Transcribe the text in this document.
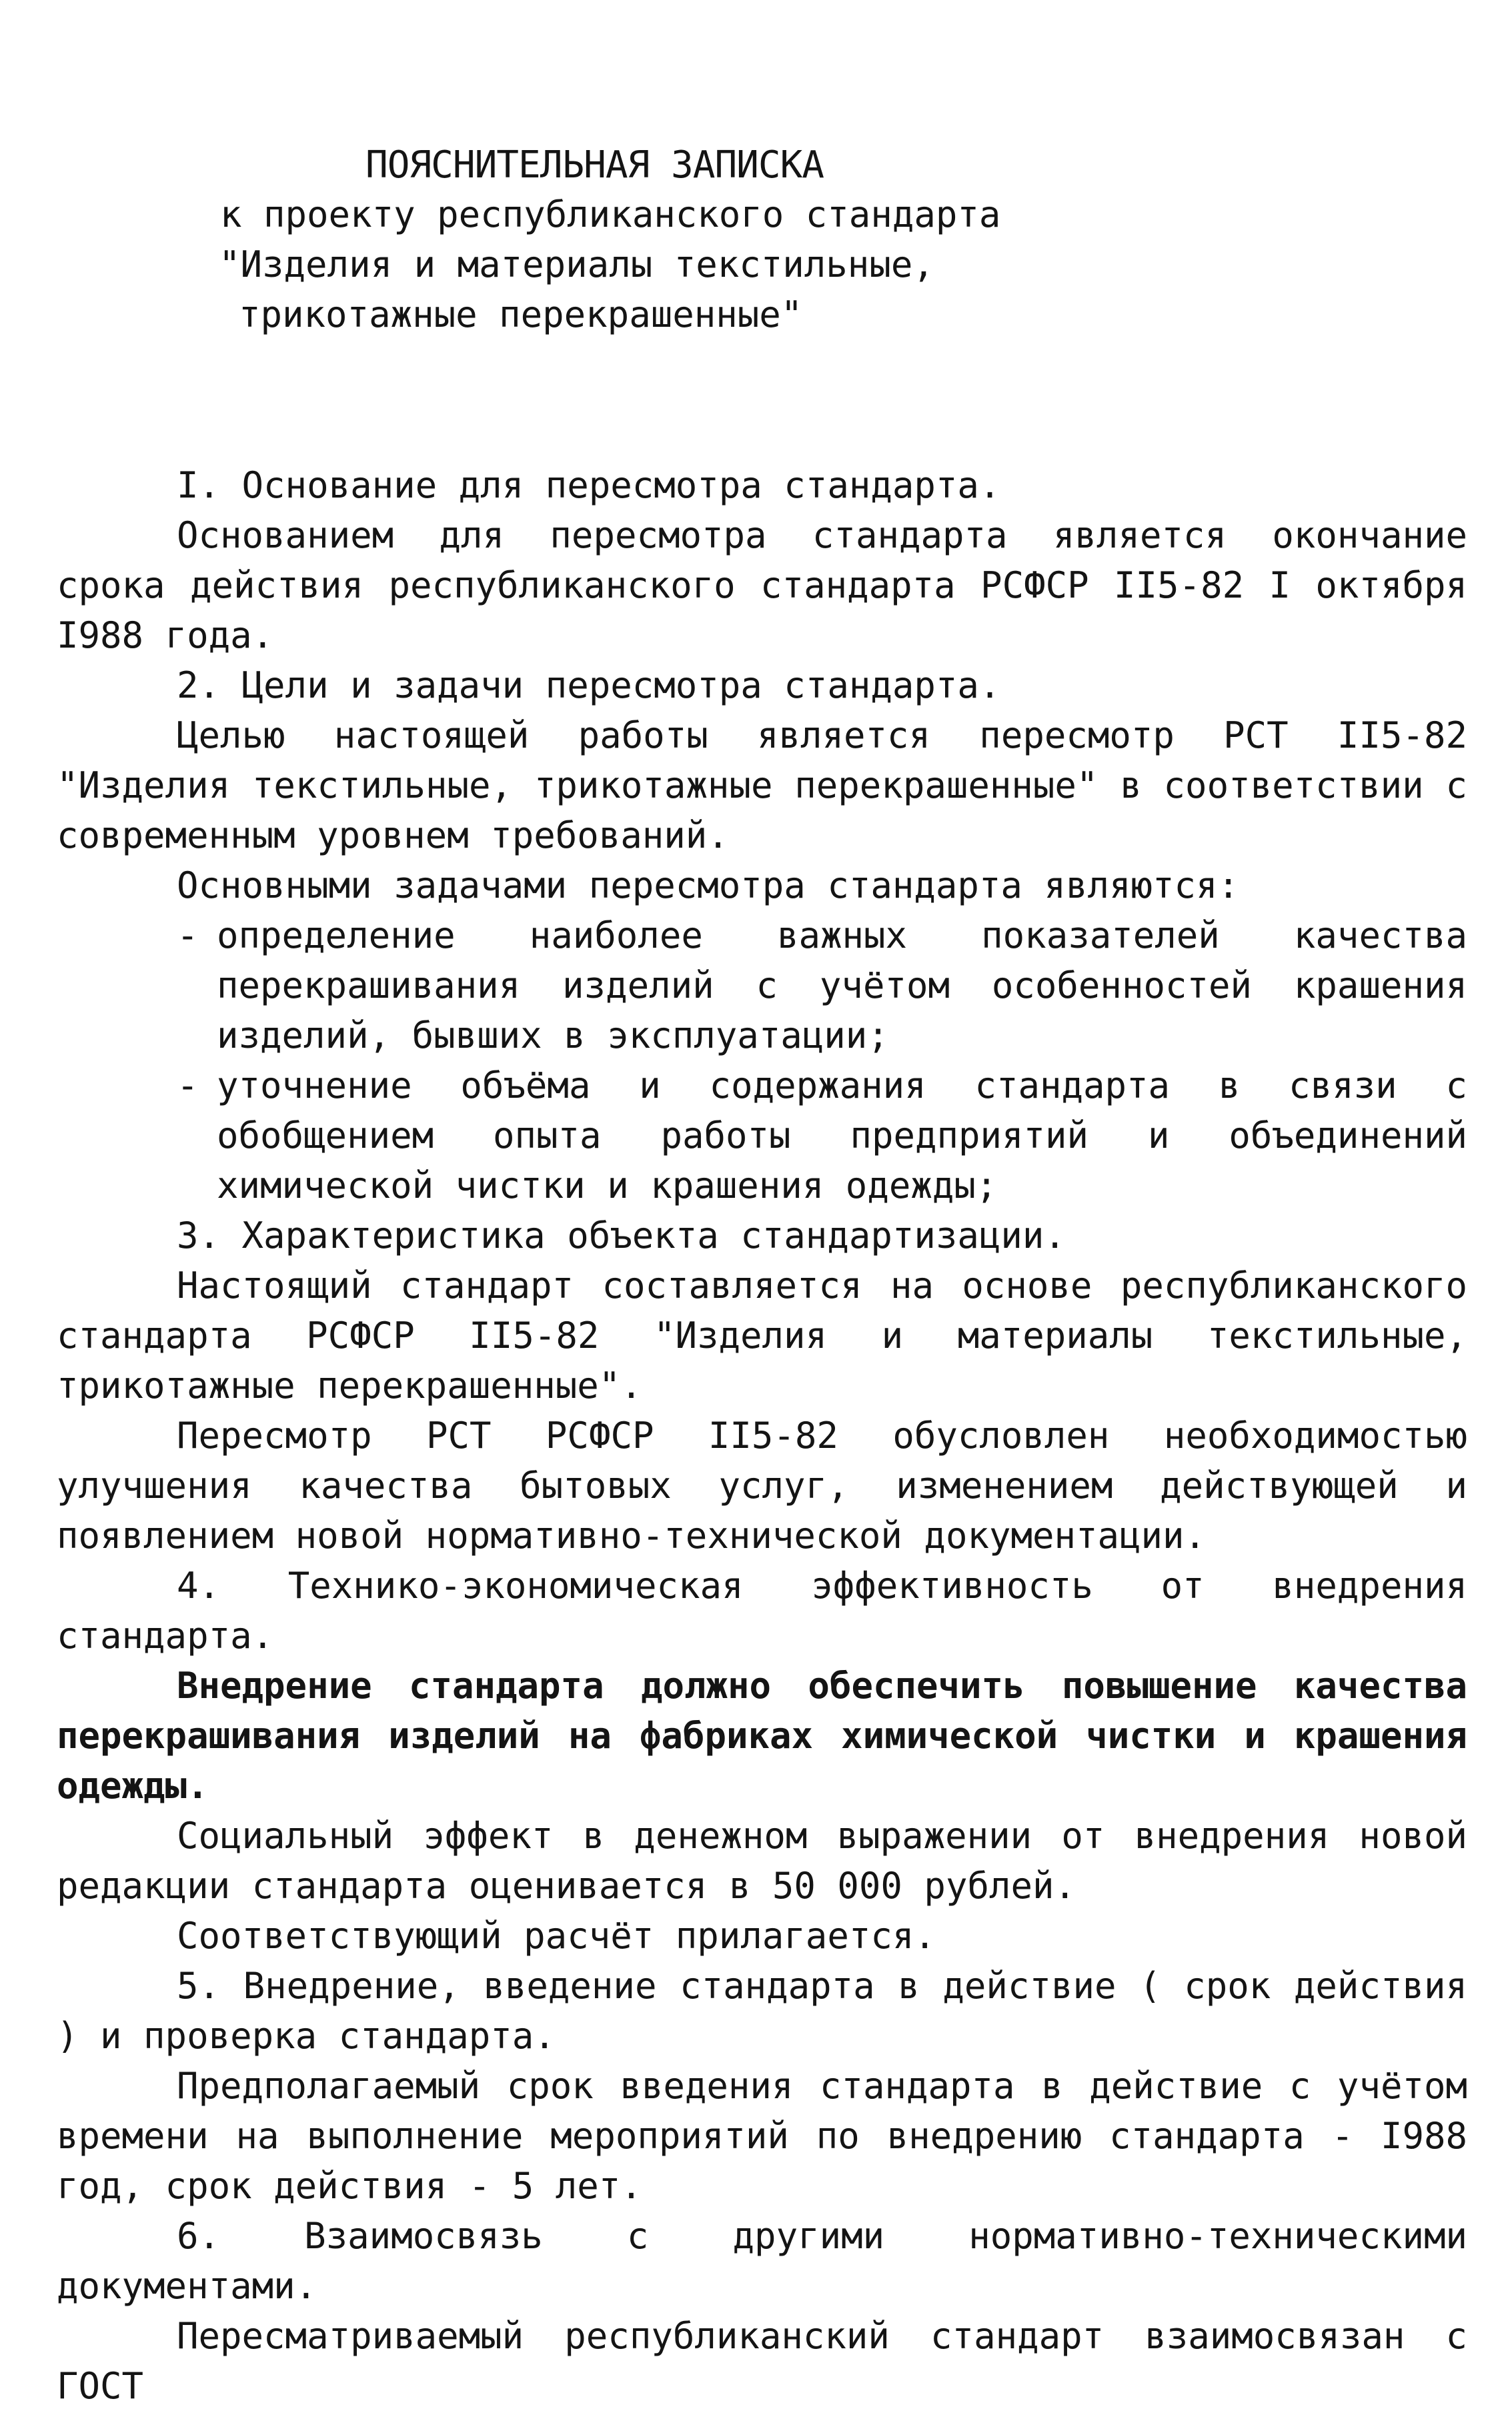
ПОЯСНИТЕЛЬНАЯ ЗАПИСКА
к проекту республиканского стандарта
"Изделия и материалы текстильные,
трикотажные перекрашенные"

I. Основание для пересмотра стандарта.

Основанием для пересмотра стандарта является окончание срока действия республиканского стандарта РСФСР II5-82 I октября I988 года.

2. Цели и задачи пересмотра стандарта.

Целью настоящей работы является пересмотр РСТ II5-82 "Изделия текстильные, трикотажные перекрашенные" в соответствии с современным уровнем требований.

Основными задачами пересмотра стандарта являются:

- определение наиболее важных показателей качества перекрашивания изделий с учётом особенностей крашения изделий, бывших в эксплуатации;

- уточнение объёма и содержания стандарта в связи с обобщением опыта работы предприятий и объединений химической чистки и крашения одежды;

3. Характеристика объекта стандартизации.

Настоящий стандарт составляется на основе республиканского стандарта РСФСР II5-82 "Изделия и материалы текстильные, трикотажные перекрашенные".

Пересмотр РСТ РСФСР II5-82 обусловлен необходимостью улучшения качества бытовых услуг, изменением действующей и появлением новой нормативно-технической документации.

4. Технико-экономическая эффективность от внедрения стандарта.

Внедрение стандарта должно обеспечить повышение качества перекрашивания изделий на фабриках химической чистки и крашения одежды.

Социальный эффект в денежном выражении от внедрения новой редакции стандарта оценивается в 50 000 рублей.

Соответствующий расчёт прилагается.

5. Внедрение, введение стандарта в действие ( срок действия ) и проверка стандарта.

Предполагаемый срок введения стандарта в действие с учётом времени на выполнение мероприятий по внедрению стандарта - I988 год, срок действия - 5 лет.

6. Взаимосвязь с другими нормативно-техническими документами.

Пересматриваемый республиканский стандарт взаимосвязан с ГОСТ
